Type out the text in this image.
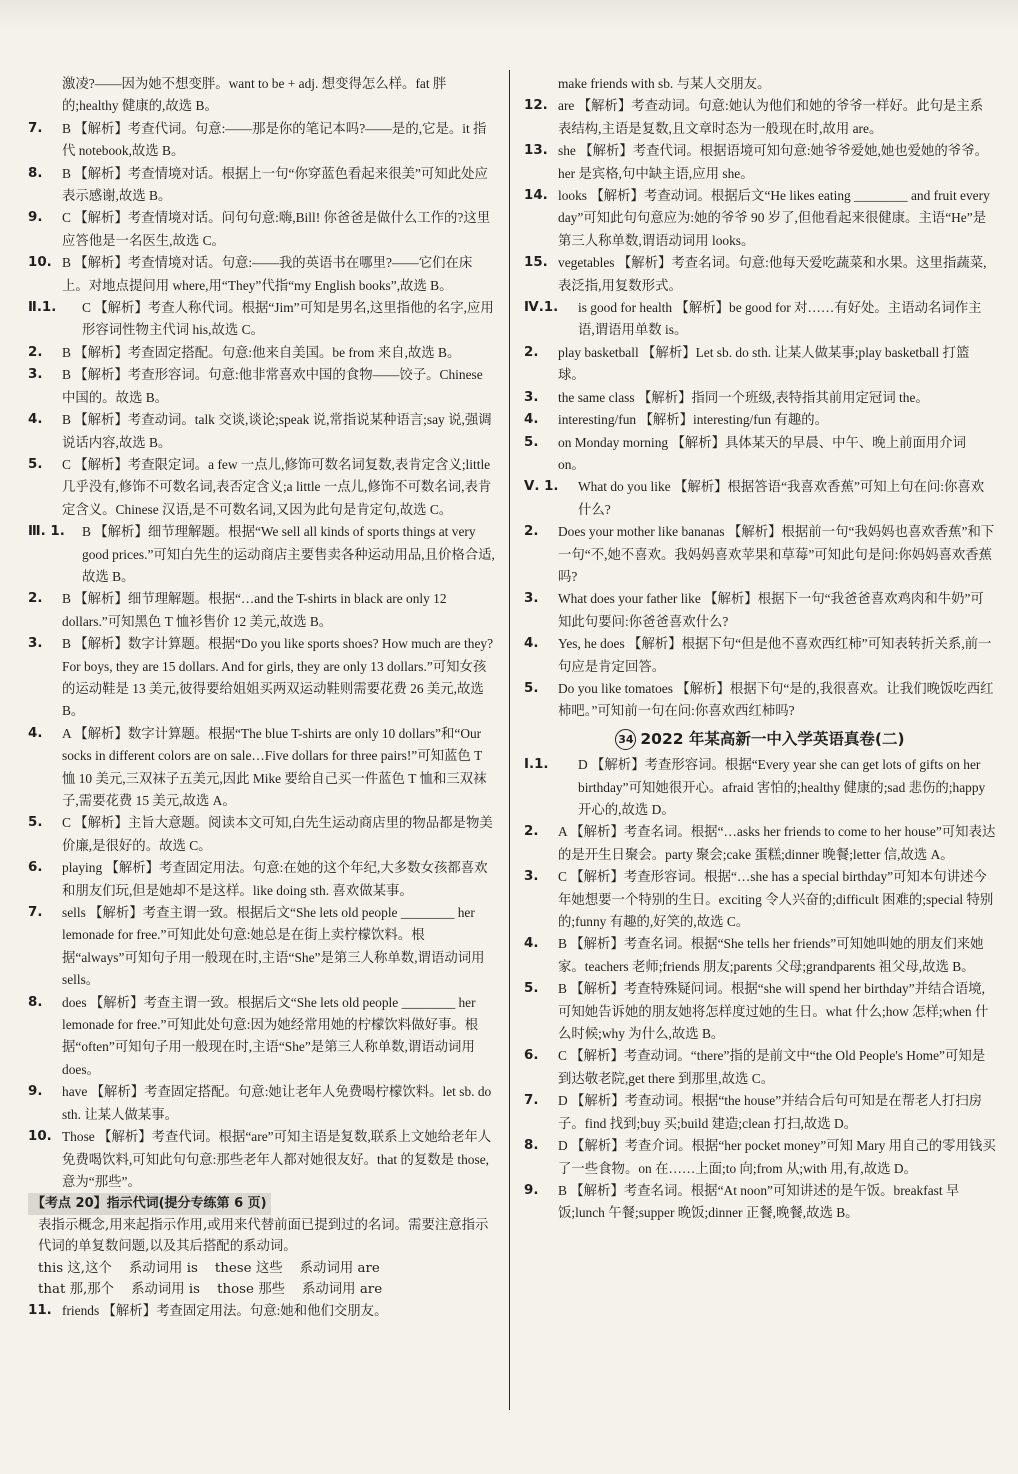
激凌?——因为她不想变胖。want to be + adj. 想变得怎么样。fat 胖的;healthy 健康的,故选 B。

7. B 【解析】考查代词。句意:——那是你的笔记本吗?——是的,它是。it 指代 notebook,故选 B。

8. B 【解析】考查情境对话。根据上一句“你穿蓝色看起来很美”可知此处应表示感谢,故选 B。

9. C 【解析】考查情境对话。问句句意:嗨,Bill! 你爸爸是做什么工作的?这里应答他是一名医生,故选 C。

10. B 【解析】考查情境对话。句意:——我的英语书在哪里?——它们在床上。对地点提问用 where,用“They”代指“my English books”,故选 B。

Ⅱ.1. C 【解析】考查人称代词。根据“Jim”可知是男名,这里指他的名字,应用形容词性物主代词 his,故选 C。

2. B 【解析】考查固定搭配。句意:他来自美国。be from 来自,故选 B。

3. B 【解析】考查形容词。句意:他非常喜欢中国的食物——饺子。Chinese 中国的。故选 B。

4. B 【解析】考查动词。talk 交谈,谈论;speak 说,常指说某种语言;say 说,强调说话内容,故选 B。

5. C 【解析】考查限定词。a few 一点儿,修饰可数名词复数,表肯定含义;little 几乎没有,修饰不可数名词,表否定含义;a little 一点儿,修饰不可数名词,表肯定含义。Chinese 汉语,是不可数名词,又因为此句是肯定句,故选 C。

Ⅲ. 1. B 【解析】细节理解题。根据“We sell all kinds of sports things at very good prices.”可知白先生的运动商店主要售卖各种运动用品,且价格合适,故选 B。

2. B 【解析】细节理解题。根据“…and the T-shirts in black are only 12 dollars.”可知黑色 T 恤衫售价 12 美元,故选 B。

3. B 【解析】数字计算题。根据“Do you like sports shoes? How much are they? For boys, they are 15 dollars. And for girls, they are only 13 dollars.”可知女孩的运动鞋是 13 美元,彼得要给姐姐买两双运动鞋则需要花费 26 美元,故选 B。

4. A 【解析】数字计算题。根据“The blue T-shirts are only 10 dollars”和“Our socks in different colors are on sale…Five dollars for three pairs!”可知蓝色 T 恤 10 美元,三双袜子五美元,因此 Mike 要给自己买一件蓝色 T 恤和三双袜子,需要花费 15 美元,故选 A。

5. C 【解析】主旨大意题。阅读本文可知,白先生运动商店里的物品都是物美价廉,是很好的。故选 C。

6. playing 【解析】考查固定用法。句意:在她的这个年纪,大多数女孩都喜欢和朋友们玩,但是她却不是这样。like doing sth. 喜欢做某事。

7. sells 【解析】考查主谓一致。根据后文“She lets old people ________ her lemonade for free.”可知此处句意:她总是在街上卖柠檬饮料。根据“always”可知句子用一般现在时,主语“She”是第三人称单数,谓语动词用 sells。

8. does 【解析】考查主谓一致。根据后文“She lets old people ________ her lemonade for free.”可知此处句意:因为她经常用她的柠檬饮料做好事。根据“often”可知句子用一般现在时,主语“She”是第三人称单数,谓语动词用 does。

9. have 【解析】考查固定搭配。句意:她让老年人免费喝柠檬饮料。let sb. do sth. 让某人做某事。

10. Those 【解析】考查代词。根据“are”可知主语是复数,联系上文她给老年人免费喝饮料,可知此句句意:那些老年人都对她很友好。that 的复数是 those,意为“那些”。

【考点 20】指示代词(提分专练第 6 页)
表指示概念,用来起指示作用,或用来代替前面已提到过的名词。需要注意指示代词的单复数问题,以及其后搭配的系动词。
this 这,这个    系动词用 is    these 这些    系动词用 are
that 那,那个    系动词用 is    those 那些    系动词用 are

11. friends 【解析】考查固定用法。句意:她和他们交朋友。

make friends with sb. 与某人交朋友。

12. are 【解析】考查动词。句意:她认为他们和她的爷爷一样好。此句是主系表结构,主语是复数,且文章时态为一般现在时,故用 are。

13. she 【解析】考查代词。根据语境可知句意:她爷爷爱她,她也爱她的爷爷。her 是宾格,句中缺主语,应用 she。

14. looks 【解析】考查动词。根据后文“He likes eating ________ and fruit every day”可知此句句意应为:她的爷爷 90 岁了,但他看起来很健康。主语“He”是第三人称单数,谓语动词用 looks。

15. vegetables 【解析】考查名词。句意:他每天爱吃蔬菜和水果。这里指蔬菜,表泛指,用复数形式。

Ⅳ.1. is good for health 【解析】be good for 对……有好处。主语动名词作主语,谓语用单数 is。

2. play basketball 【解析】Let sb. do sth. 让某人做某事;play basketball 打篮球。

3. the same class 【解析】指同一个班级,表特指其前用定冠词 the。

4. interesting/fun 【解析】interesting/fun 有趣的。

5. on Monday morning 【解析】具体某天的早晨、中午、晚上前面用介词 on。

Ⅴ. 1. What do you like 【解析】根据答语“我喜欢香蕉”可知上句在问:你喜欢什么?

2. Does your mother like bananas 【解析】根据前一句“我妈妈也喜欢香蕉”和下一句“不,她不喜欢。我妈妈喜欢苹果和草莓”可知此句是问:你妈妈喜欢香蕉吗?

3. What does your father like 【解析】根据下一句“我爸爸喜欢鸡肉和牛奶”可知此句要问:你爸爸喜欢什么?

4. Yes, he does 【解析】根据下句“但是他不喜欢西红柿”可知表转折关系,前一句应是肯定回答。

5. Do you like tomatoes 【解析】根据下句“是的,我很喜欢。让我们晚饭吃西红柿吧。”可知前一句在问:你喜欢西红柿吗?

34 2022 年某高新一中入学英语真卷(二)

Ⅰ.1. D 【解析】考查形容词。根据“Every year she can get lots of gifts on her birthday”可知她很开心。afraid 害怕的;healthy 健康的;sad 悲伤的;happy 开心的,故选 D。

2. A 【解析】考查名词。根据“…asks her friends to come to her house”可知表达的是开生日聚会。party 聚会;cake 蛋糕;dinner 晚餐;letter 信,故选 A。

3. C 【解析】考查形容词。根据“…she has a special birthday”可知本句讲述今年她想要一个特别的生日。exciting 令人兴奋的;difficult 困难的;special 特别的;funny 有趣的,好笑的,故选 C。

4. B 【解析】考查名词。根据“She tells her friends”可知她叫她的朋友们来她家。teachers 老师;friends 朋友;parents 父母;grandparents 祖父母,故选 B。

5. B 【解析】考查特殊疑问词。根据“she will spend her birthday”并结合语境,可知她告诉她的朋友她将怎样度过她的生日。what 什么;how 怎样;when 什么时候;why 为什么,故选 B。

6. C 【解析】考查动词。“there”指的是前文中“the Old People's Home”可知是到达敬老院,get there 到那里,故选 C。

7. D 【解析】考查动词。根据“the house”并结合后句可知是在帮老人打扫房子。find 找到;buy 买;build 建造;clean 打扫,故选 D。

8. D 【解析】考查介词。根据“her pocket money”可知 Mary 用自己的零用钱买了一些食物。on 在……上面;to 向;from 从;with 用,有,故选 D。

9. B 【解析】考查名词。根据“At noon”可知讲述的是午饭。breakfast 早饭;lunch 午餐;supper 晚饭;dinner 正餐,晚餐,故选 B。
